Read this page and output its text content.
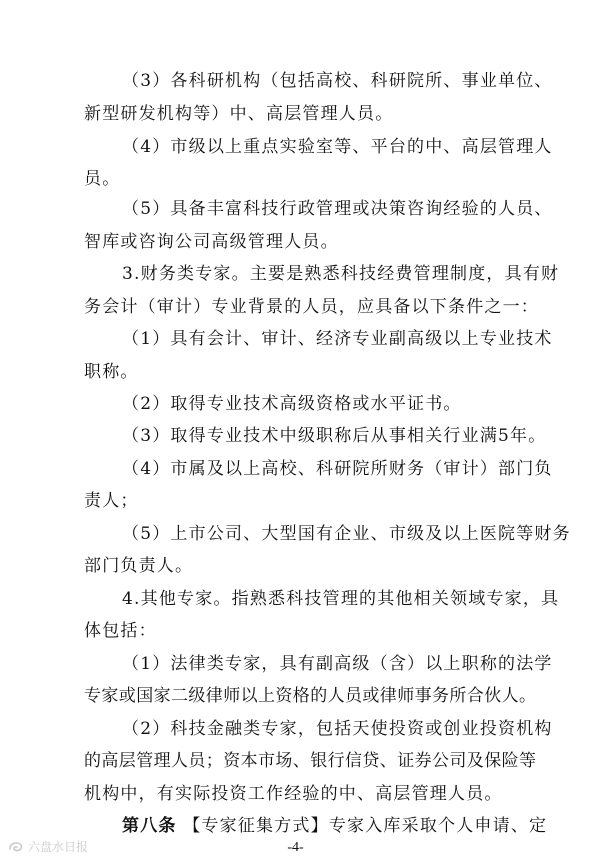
（3）各科研机构（包括高校、科研院所、事业单位、
新型研发机构等）中、高层管理人员。
（4）市级以上重点实验室等、平台的中、高层管理人
员。
（5）具备丰富科技行政管理或决策咨询经验的人员、
智库或咨询公司高级管理人员。
3.财务类专家。主要是熟悉科技经费管理制度，具有财
务会计（审计）专业背景的人员，应具备以下条件之一：
（1）具有会计、审计、经济专业副高级以上专业技术
职称。
（2）取得专业技术高级资格或水平证书。
（3）取得专业技术中级职称后从事相关行业满5年。
（4）市属及以上高校、科研院所财务（审计）部门负
责人；
（5）上市公司、大型国有企业、市级及以上医院等财务
部门负责人。
4.其他专家。指熟悉科技管理的其他相关领域专家，具
体包括：
（1）法律类专家，具有副高级（含）以上职称的法学
专家或国家二级律师以上资格的人员或律师事务所合伙人。
（2）科技金融类专家，包括天使投资或创业投资机构
的高层管理人员；资本市场、银行信贷、证券公司及保险等
机构中，有实际投资工作经验的中、高层管理人员。
第八条 【专家征集方式】专家入库采取个人申请、定
-4-
六盘水日报
